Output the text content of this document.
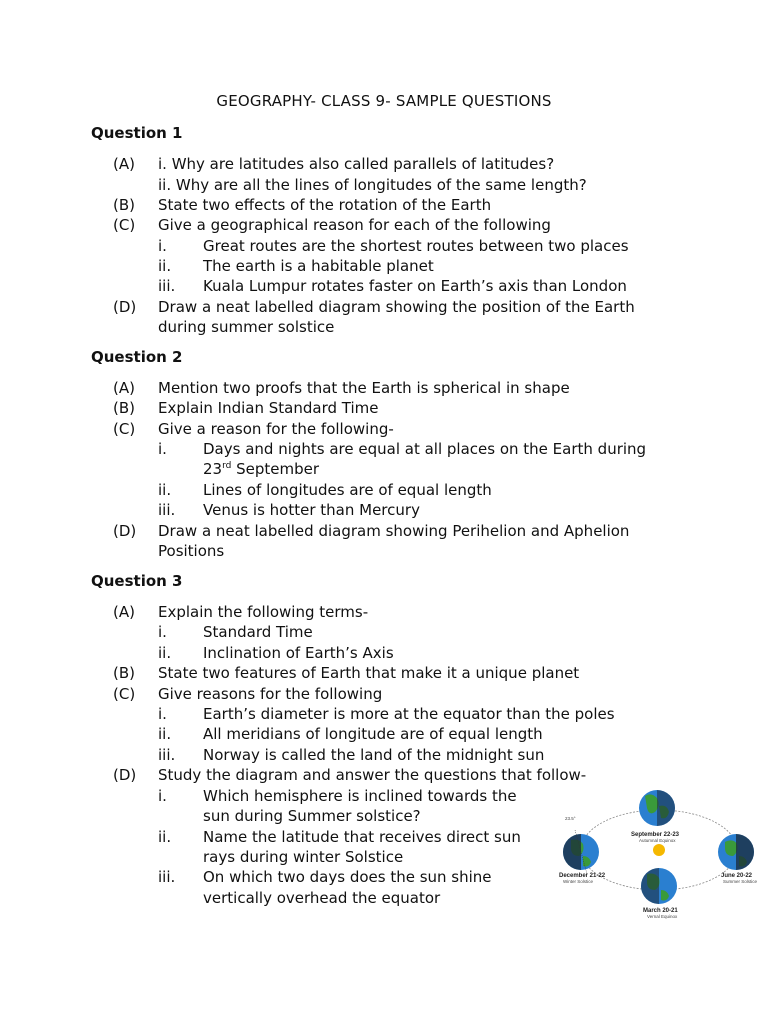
GEOGRAPHY- CLASS 9- SAMPLE QUESTIONS
Question 1
(A) i. Why are latitudes also called parallels of latitudes?
ii. Why are all the lines of longitudes of the same length?
(B) State two effects of the rotation of the Earth
(C) Give a geographical reason for each of the following
i. Great routes are the shortest routes between two places
ii. The earth is a habitable planet
iii. Kuala Lumpur rotates faster on Earth’s axis than London
(D) Draw a neat labelled diagram showing the position of the Earth
during summer solstice
Question 2
(A) Mention two proofs that the Earth is spherical in shape
(B) Explain Indian Standard Time
(C) Give a reason for the following-
i. Days and nights are equal at all places on the Earth during
23rd September
ii. Lines of longitudes are of equal length
iii. Venus is hotter than Mercury
(D) Draw a neat labelled diagram showing Perihelion and Aphelion
Positions
Question 3
(A) Explain the following terms-
i. Standard Time
ii. Inclination of Earth’s Axis
(B) State two features of Earth that make it a unique planet
(C) Give reasons for the following
i. Earth’s diameter is more at the equator than the poles
ii. All meridians of longitude are of equal length
iii. Norway is called the land of the midnight sun
(D) Study the diagram and answer the questions that follow-
i. Which hemisphere is inclined towards the
sun during Summer solstice?
ii. Name the latitude that receives direct sun
rays during winter Solstice
iii. On which two days does the sun shine
vertically overhead the equator
23.5°
September 22-23
Autumnal Equinox
December 21-22
Winter Solstice
June 20-22
Summer Solstice
March 20-21
Vernal Equinox
